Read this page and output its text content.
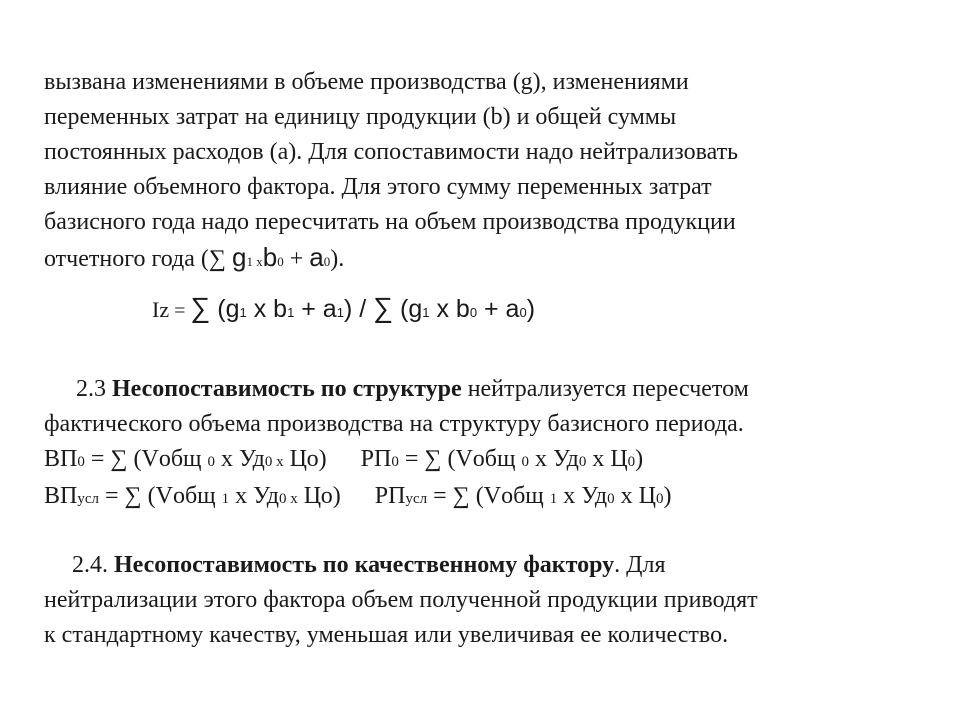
вызвана изменениями в объеме производства (g), изменениями
переменных затрат на единицу продукции (b) и общей суммы
постоянных расходов (a). Для сопоставимости надо нейтрализовать
влияние объемного фактора. Для этого сумму переменных затрат
базисного года надо пересчитать на объем производства продукции
отчетного года (∑ g1 хb0 + a0).
Iz = ∑ (g1 x b1 + a1) / ∑ (g1 x b0 + a0)
2.3 Несопоставимость по структуре нейтрализуется пересчетом
фактического объема производства на структуру базисного периода.
ВП0 = ∑ (Vобщ 0 х Уд0 х Цо) РП0 = ∑ (Vобщ 0 х Уд0 х Ц0)
ВПусл = ∑ (Vобщ 1 х Уд0 х Цо) РПусл = ∑ (Vобщ 1 х Уд0 х Ц0)
2.4. Несопоставимость по качественному фактору. Для
нейтрализации этого фактора объем полученной продукции приводят
к стандартному качеству, уменьшая или увеличивая ее количество.
